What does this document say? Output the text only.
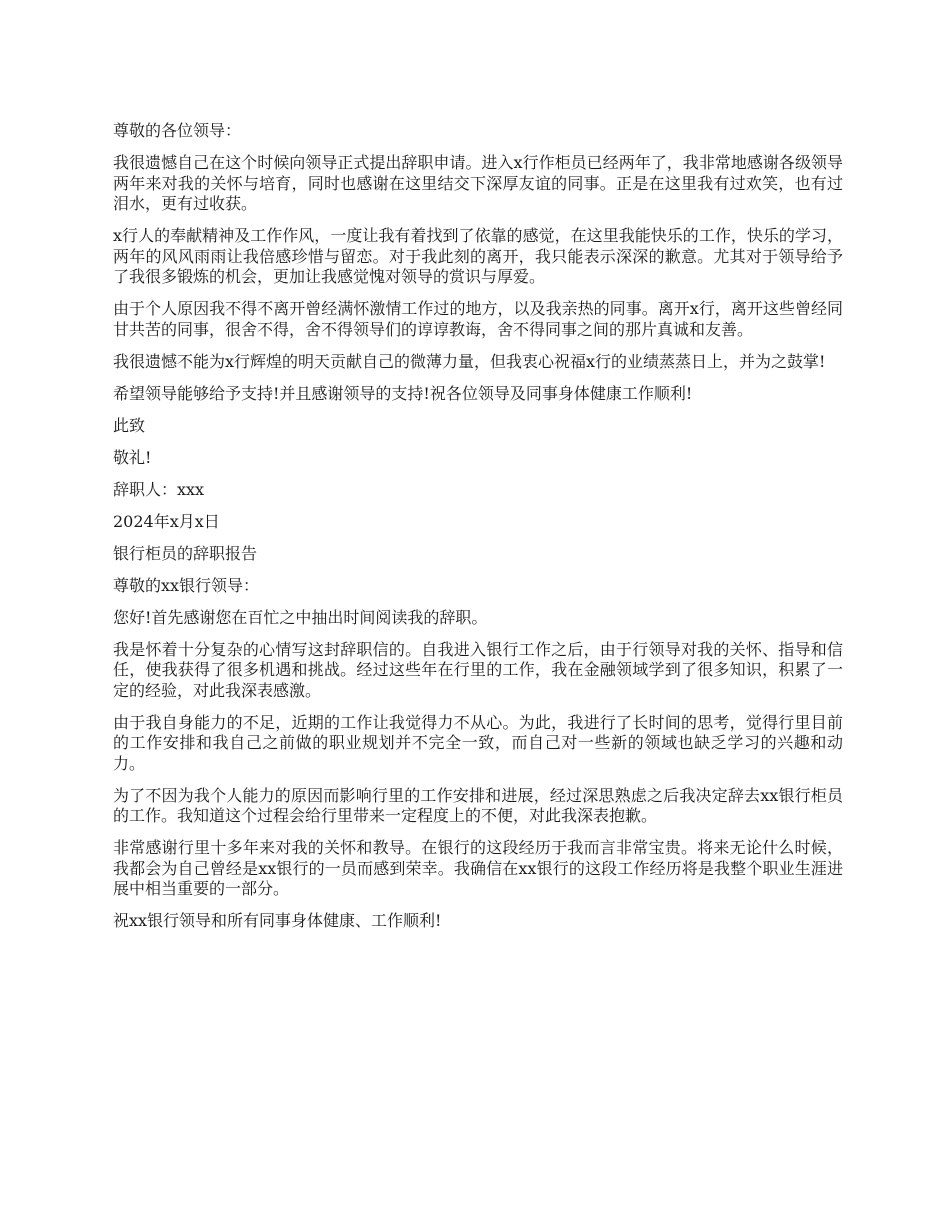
尊敬的各位领导：

我很遗憾自己在这个时候向领导正式提出辞职申请。进入x行作柜员已经两年了，我非常地感谢各级领导两年来对我的关怀与培育，同时也感谢在这里结交下深厚友谊的同事。正是在这里我有过欢笑，也有过泪水，更有过收获。

x行人的奉献精神及工作作风，一度让我有着找到了依靠的感觉，在这里我能快乐的工作，快乐的学习，两年的风风雨雨让我倍感珍惜与留恋。对于我此刻的离开，我只能表示深深的歉意。尤其对于领导给予了我很多锻炼的机会，更加让我感觉愧对领导的赏识与厚爱。

由于个人原因我不得不离开曾经满怀激情工作过的地方，以及我亲热的同事。离开x行，离开这些曾经同甘共苦的同事，很舍不得，舍不得领导们的谆谆教诲，舍不得同事之间的那片真诚和友善。

我很遗憾不能为x行辉煌的明天贡献自己的微薄力量，但我衷心祝福x行的业绩蒸蒸日上，并为之鼓掌!

希望领导能够给予支持!并且感谢领导的支持!祝各位领导及同事身体健康工作顺利!

此致

敬礼!

辞职人：xxx

2024年x月x日

银行柜员的辞职报告

尊敬的xx银行领导：

您好!首先感谢您在百忙之中抽出时间阅读我的辞职。

我是怀着十分复杂的心情写这封辞职信的。自我进入银行工作之后，由于行领导对我的关怀、指导和信任，使我获得了很多机遇和挑战。经过这些年在行里的工作，我在金融领域学到了很多知识，积累了一定的经验，对此我深表感激。

由于我自身能力的不足，近期的工作让我觉得力不从心。为此，我进行了长时间的思考，觉得行里目前的工作安排和我自己之前做的职业规划并不完全一致，而自己对一些新的领域也缺乏学习的兴趣和动力。

为了不因为我个人能力的原因而影响行里的工作安排和进展，经过深思熟虑之后我决定辞去xx银行柜员的工作。我知道这个过程会给行里带来一定程度上的不便，对此我深表抱歉。

非常感谢行里十多年来对我的关怀和教导。在银行的这段经历于我而言非常宝贵。将来无论什么时候，我都会为自己曾经是xx银行的一员而感到荣幸。我确信在xx银行的这段工作经历将是我整个职业生涯进展中相当重要的一部分。

祝xx银行领导和所有同事身体健康、工作顺利!
